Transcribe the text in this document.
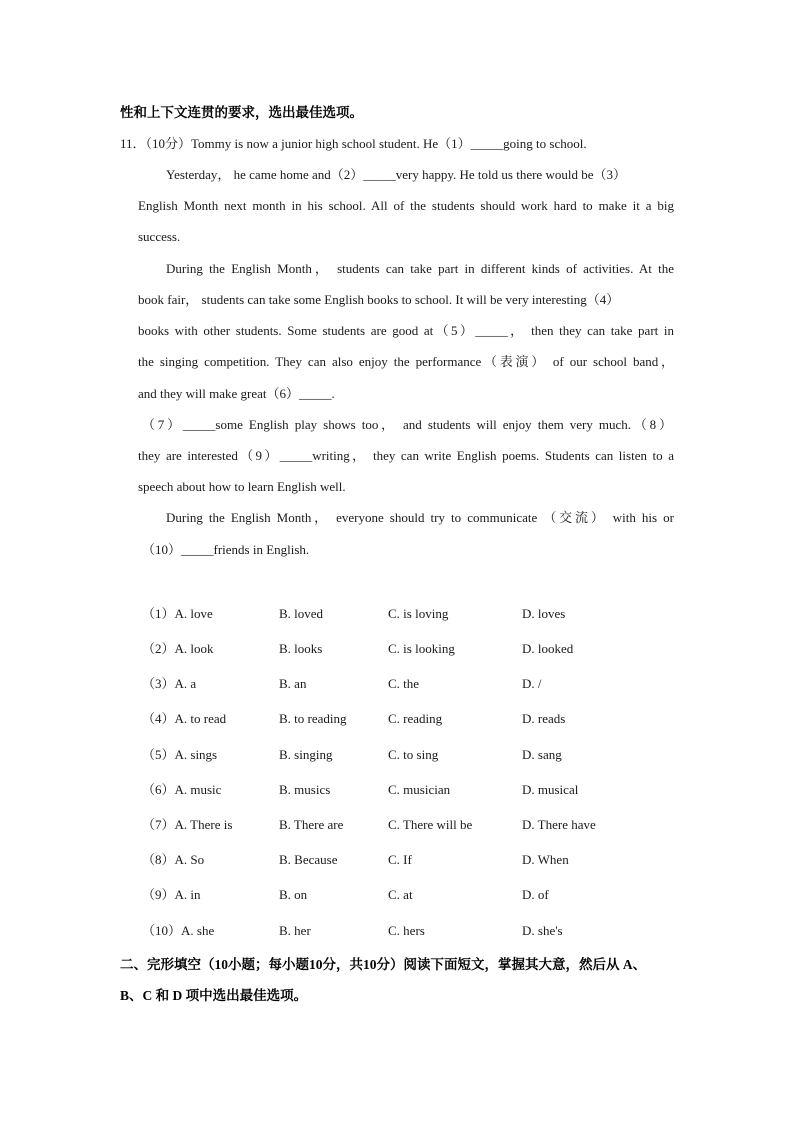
性和上下文连贯的要求，选出最佳选项。
11．（10分）Tommy is now a junior high school student. He（1）_____going to school.
Yesterday， he came home and（2）_____very happy. He told us there would be（3）
English Month next month in his school. All of the students should work hard to make it a big
success.
During the English Month， students can take part in different kinds of activities. At the
book fair， students can take some English books to school. It will be very interesting（4）
books with other students. Some students are good at（5）_____， then they can take part in
the singing competition. They can also enjoy the performance（表演） of our school band，
and they will make great（6）_____.
（7）_____some English play shows too， and students will enjoy them very much.（8）
they are interested（9）_____writing， they can write English poems. Students can listen to a
speech about how to learn English well.
During the English Month， everyone should try to communicate （交流） with his or
（10）_____friends in English.
（1）A. love	B. loved	C. is loving	D. loves
（2）A. look	B. looks	C. is looking	D. looked
（3）A. a	B. an	C. the	D. /
（4）A. to read	B. to reading	C. reading	D. reads
（5）A. sings	B. singing	C. to sing	D. sang
（6）A. music	B. musics	C. musician	D. musical
（7）A. There is	B. There are	C. There will be	D. There have
（8）A. So	B. Because	C. If	D. When
（9）A. in	B. on	C. at	D. of
（10）A. she	B. her	C. hers	D. she's
二、完形填空（10小题；每小题10分，共10分）阅读下面短文，掌握其大意，然后从 A、
B、C 和 D 项中选出最佳选项。
